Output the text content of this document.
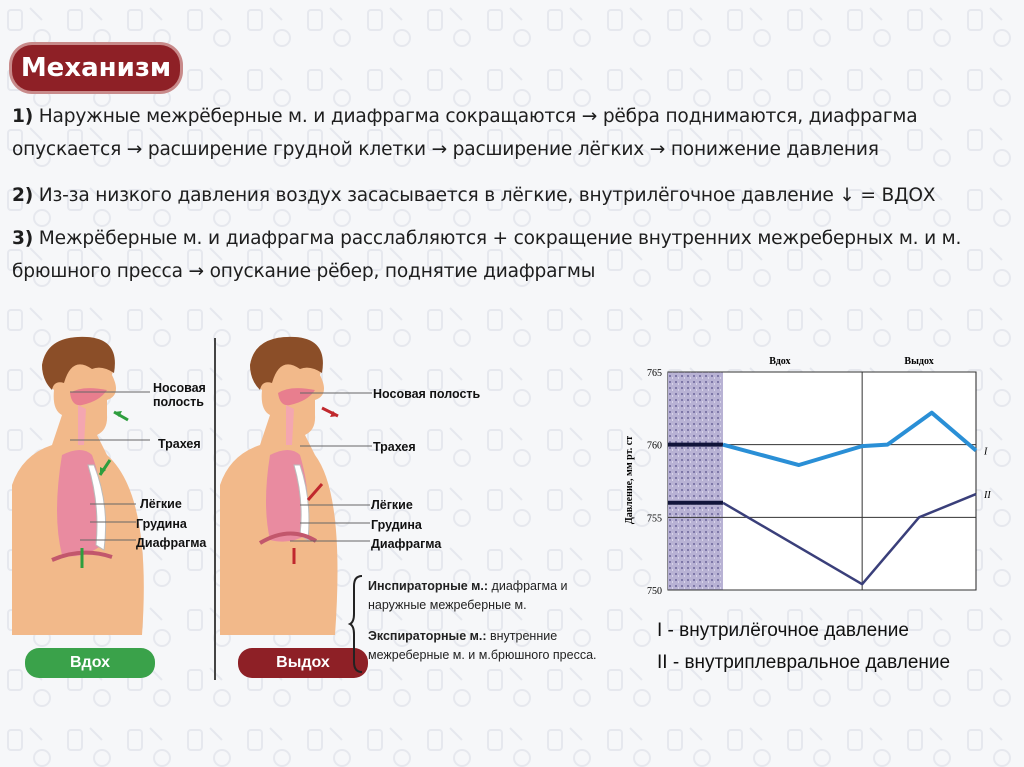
Механизм
1) Наружные межрёберные м. и диафрагма сокращаются → рёбра поднимаются, диафрагма опускается → расширение грудной клетки → расширение лёгких → понижение давления
2) Из-за низкого давления воздух засасывается в лёгкие, внутрилёгочное давление ↓ = ВДОХ
3) Межрёберные м. и диафрагма расслабляются + сокращение внутренних межреберных м. и м. брюшного пресса → опускание рёбер, поднятие диафрагмы
Носовая
полость
Трахея
Лёгкие
Грудина
Диафрагма
Вдох
Носовая полость
Трахея
Лёгкие
Грудина
Диафрагма
Выдох
Инспираторные м.: диафрагма и
наружные межреберные м.
Экспираторные м.: внутренние
межреберные м. и м.брюшного пресса.
Вдох	Выдох
765
760
755
750
I
II
Давление, мм рт. ст
I - внутрилёгочное давление
II - внутриплевральное давление
